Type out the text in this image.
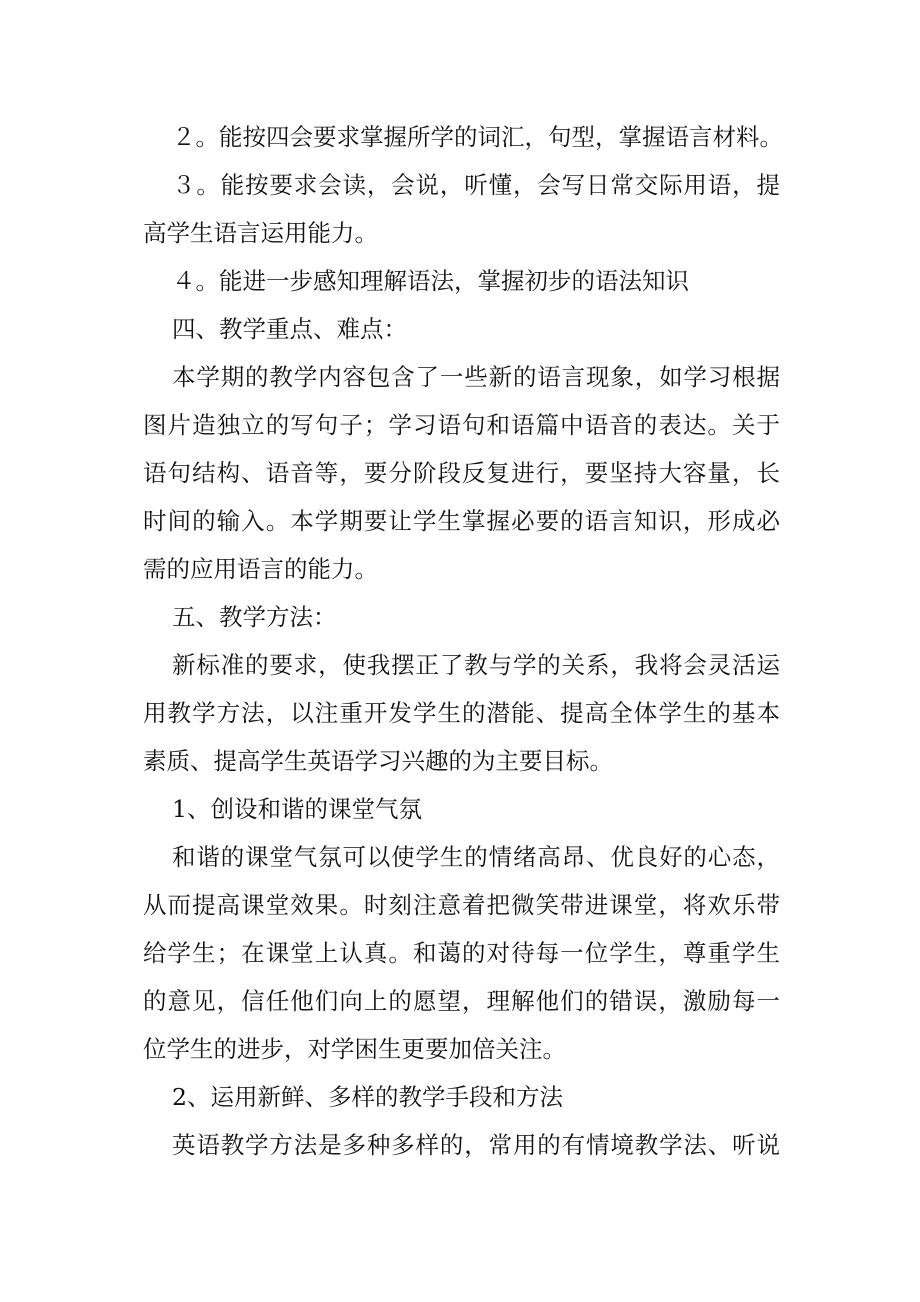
２。能按四会要求掌握所学的词汇，句型，掌握语言材料。
３。能按要求会读，会说，听懂，会写日常交际用语，提
高学生语言运用能力。
４。能进一步感知理解语法，掌握初步的语法知识
四、教学重点、难点：
本学期的教学内容包含了一些新的语言现象，如学习根据
图片造独立的写句子；学习语句和语篇中语音的表达。关于
语句结构、语音等，要分阶段反复进行，要坚持大容量，长
时间的输入。本学期要让学生掌握必要的语言知识，形成必
需的应用语言的能力。
五、教学方法：
新标准的要求，使我摆正了教与学的关系，我将会灵活运
用教学方法，以注重开发学生的潜能、提高全体学生的基本
素质、提高学生英语学习兴趣的为主要目标。
1、创设和谐的课堂气氛
和谐的课堂气氛可以使学生的情绪高昂、优良好的心态，
从而提高课堂效果。时刻注意着把微笑带进课堂，将欢乐带
给学生；在课堂上认真。和蔼的对待每一位学生，尊重学生
的意见，信任他们向上的愿望，理解他们的错误，激励每一
位学生的进步，对学困生更要加倍关注。
2、运用新鲜、多样的教学手段和方法
英语教学方法是多种多样的，常用的有情境教学法、听说
